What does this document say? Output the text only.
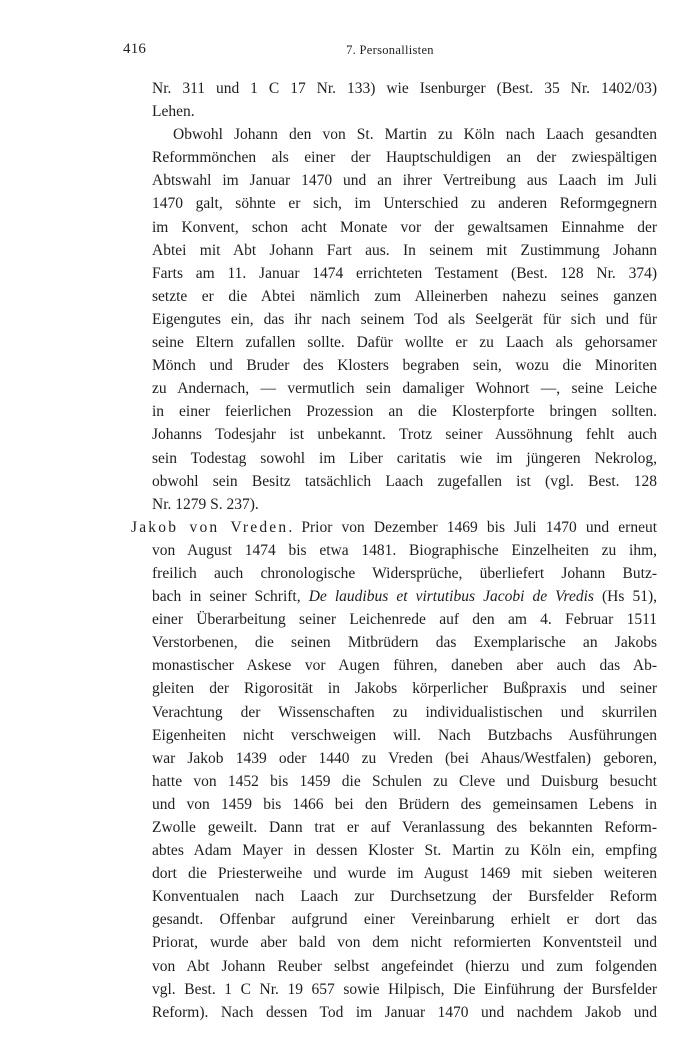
416	7. Personallisten
Nr. 311 und 1 C 17 Nr. 133) wie Isenburger (Best. 35 Nr. 1402/03)
Lehen.
Obwohl Johann den von St. Martin zu Köln nach Laach gesandten
Reformmönchen als einer der Hauptschuldigen an der zwiespältigen
Abtswahl im Januar 1470 und an ihrer Vertreibung aus Laach im Juli
1470 galt, söhnte er sich, im Unterschied zu anderen Reformgegnern
im Konvent, schon acht Monate vor der gewaltsamen Einnahme der
Abtei mit Abt Johann Fart aus. In seinem mit Zustimmung Johann
Farts am 11. Januar 1474 errichteten Testament (Best. 128 Nr. 374)
setzte er die Abtei nämlich zum Alleinerben nahezu seines ganzen
Eigengutes ein, das ihr nach seinem Tod als Seelgerät für sich und für
seine Eltern zufallen sollte. Dafür wollte er zu Laach als gehorsamer
Mönch und Bruder des Klosters begraben sein, wozu die Minoriten
zu Andernach, — vermutlich sein damaliger Wohnort —, seine Leiche
in einer feierlichen Prozession an die Klosterpforte bringen sollten.
Johanns Todesjahr ist unbekannt. Trotz seiner Aussöhnung fehlt auch
sein Todestag sowohl im Liber caritatis wie im jüngeren Nekrolog,
obwohl sein Besitz tatsächlich Laach zugefallen ist (vgl. Best. 128
Nr. 1279 S. 237).
Jakob von Vreden. Prior von Dezember 1469 bis Juli 1470 und erneut
von August 1474 bis etwa 1481. Biographische Einzelheiten zu ihm,
freilich auch chronologische Widersprüche, überliefert Johann Butz-
bach in seiner Schrift, De laudibus et virtutibus Jacobi de Vredis (Hs 51),
einer Überarbeitung seiner Leichenrede auf den am 4. Februar 1511
Verstorbenen, die seinen Mitbrüdern das Exemplarische an Jakobs
monastischer Askese vor Augen führen, daneben aber auch das Ab-
gleiten der Rigorosität in Jakobs körperlicher Bußpraxis und seiner
Verachtung der Wissenschaften zu individualistischen und skurrilen
Eigenheiten nicht verschweigen will. Nach Butzbachs Ausführungen
war Jakob 1439 oder 1440 zu Vreden (bei Ahaus/Westfalen) geboren,
hatte von 1452 bis 1459 die Schulen zu Cleve und Duisburg besucht
und von 1459 bis 1466 bei den Brüdern des gemeinsamen Lebens in
Zwolle geweilt. Dann trat er auf Veranlassung des bekannten Reform-
abtes Adam Mayer in dessen Kloster St. Martin zu Köln ein, empfing
dort die Priesterweihe und wurde im August 1469 mit sieben weiteren
Konventualen nach Laach zur Durchsetzung der Bursfelder Reform
gesandt. Offenbar aufgrund einer Vereinbarung erhielt er dort das
Priorat, wurde aber bald von dem nicht reformierten Konventsteil und
von Abt Johann Reuber selbst angefeindet (hierzu und zum folgenden
vgl. Best. 1 C Nr. 19 657 sowie Hilpisch, Die Einführung der Bursfelder
Reform). Nach dessen Tod im Januar 1470 und nachdem Jakob und
